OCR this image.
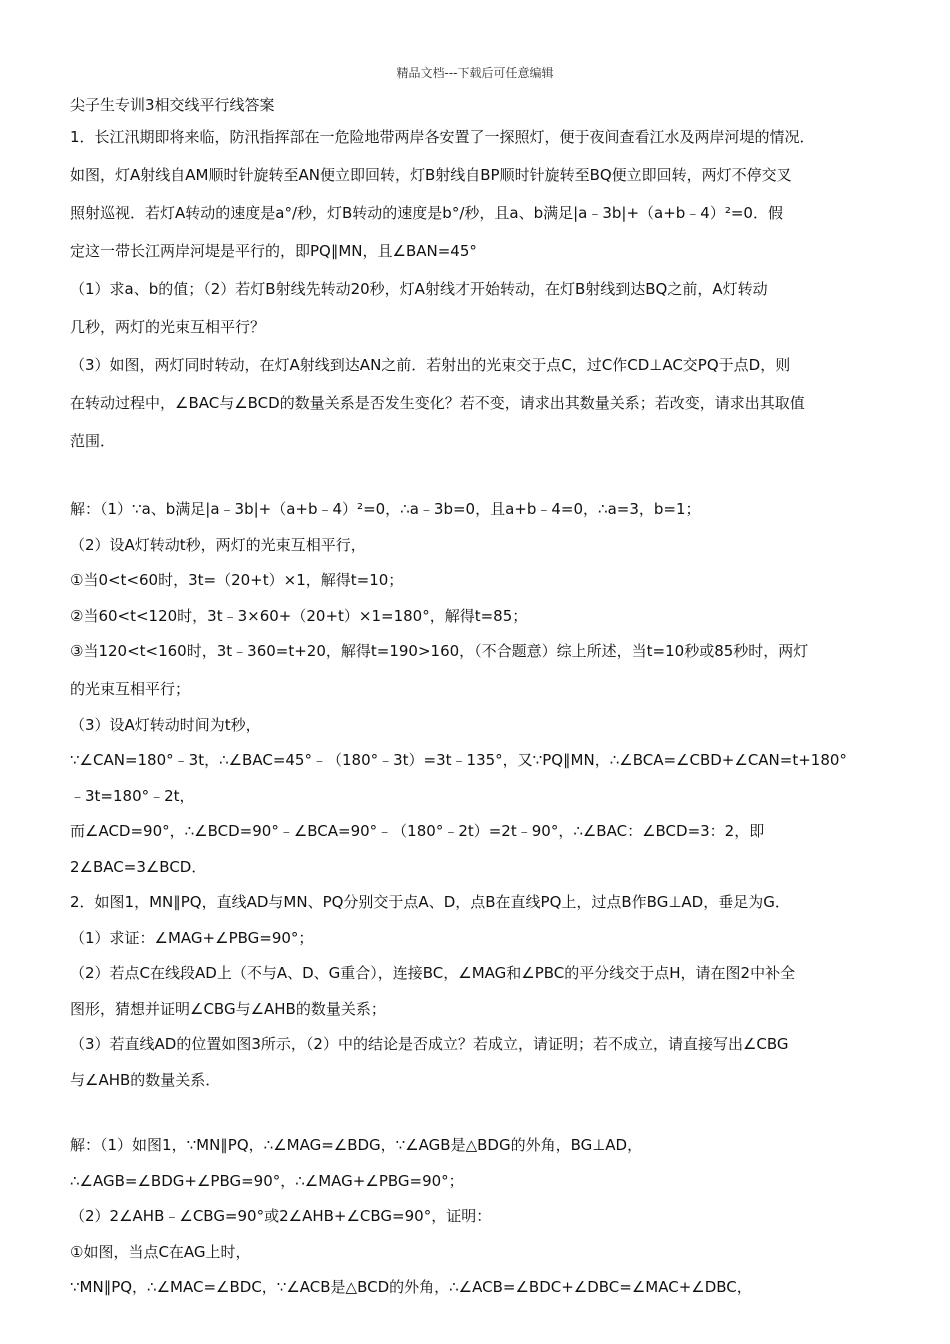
精品文档---下载后可任意编辑

尖子生专训3相交线平行线答案

1．长江汛期即将来临，防汛指挥部在一危险地带两岸各安置了一探照灯，便于夜间查看江水及两岸河堤的情况．

如图，灯A射线自AM顺时针旋转至AN便立即回转，灯B射线自BP顺时针旋转至BQ便立即回转，两灯不停交叉

照射巡视．若灯A转动的速度是a°/秒，灯B转动的速度是b°/秒，且a、b满足|a﹣3b|+（a+b﹣4）²=0．假

定这一带长江两岸河堤是平行的，即PQ∥MN，且∠BAN=45°

（1）求a、b的值；（2）若灯B射线先转动20秒，灯A射线才开始转动，在灯B射线到达BQ之前，A灯转动

几秒，两灯的光束互相平行？

（3）如图，两灯同时转动，在灯A射线到达AN之前．若射出的光束交于点C，过C作CD⊥AC交PQ于点D，则

在转动过程中，∠BAC与∠BCD的数量关系是否发生变化？若不变，请求出其数量关系；若改变，请求出其取值

范围．

解：（1）∵a、b满足|a﹣3b|+（a+b﹣4）²=0，∴a﹣3b=0，且a+b﹣4=0，∴a=3，b=1；

（2）设A灯转动t秒，两灯的光束互相平行，

①当0<t<60时，3t=（20+t）×1，解得t=10；

②当60<t<120时，3t﹣3×60+（20+t）×1=180°，解得t=85；

③当120<t<160时，3t﹣360=t+20，解得t=190>160，（不合题意）综上所述，当t=10秒或85秒时，两灯

的光束互相平行；

（3）设A灯转动时间为t秒，

∵∠CAN=180°﹣3t，∴∠BAC=45°﹣（180°﹣3t）=3t﹣135°，又∵PQ∥MN，∴∠BCA=∠CBD+∠CAN=t+180°

﹣3t=180°﹣2t，

而∠ACD=90°，∴∠BCD=90°﹣∠BCA=90°﹣（180°﹣2t）=2t﹣90°，∴∠BAC：∠BCD=3：2，即

2∠BAC=3∠BCD．

2．如图1，MN∥PQ，直线AD与MN、PQ分别交于点A、D，点B在直线PQ上，过点B作BG⊥AD，垂足为G．

（1）求证：∠MAG+∠PBG=90°；

（2）若点C在线段AD上（不与A、D、G重合），连接BC，∠MAG和∠PBC的平分线交于点H，请在图2中补全

图形，猜想并证明∠CBG与∠AHB的数量关系；

（3）若直线AD的位置如图3所示，（2）中的结论是否成立？若成立，请证明；若不成立，请直接写出∠CBG

与∠AHB的数量关系．

解：（1）如图1，∵MN∥PQ，∴∠MAG=∠BDG，∵∠AGB是△BDG的外角，BG⊥AD，

∴∠AGB=∠BDG+∠PBG=90°，∴∠MAG+∠PBG=90°；

（2）2∠AHB﹣∠CBG=90°或2∠AHB+∠CBG=90°，证明：

①如图，当点C在AG上时，

∵MN∥PQ，∴∠MAC=∠BDC，∵∠ACB是△BCD的外角，∴∠ACB=∠BDC+∠DBC=∠MAC+∠DBC，
